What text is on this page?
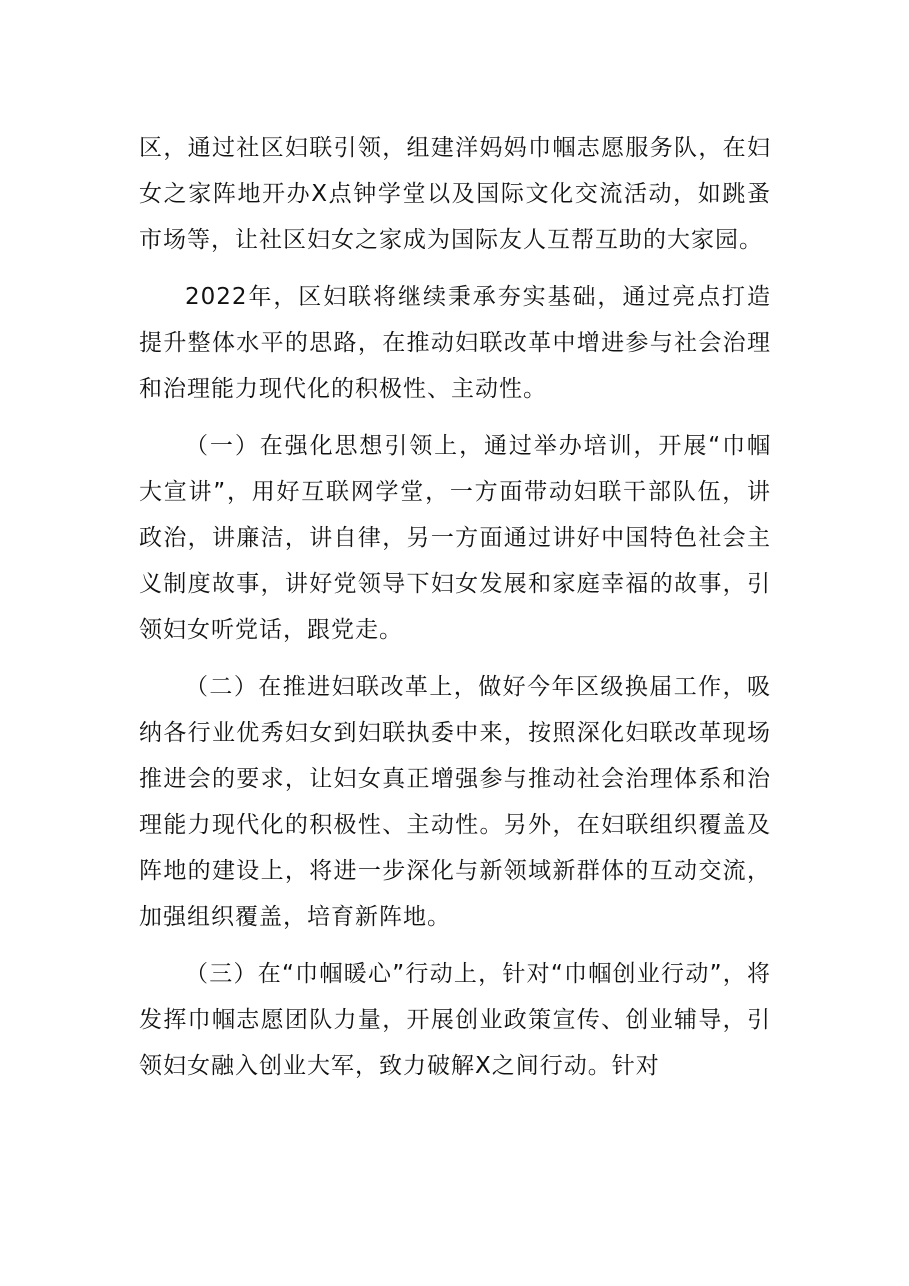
区，通过社区妇联引领，组建洋妈妈巾帼志愿服务队，在妇女之家阵地开办X点钟学堂以及国际文化交流活动，如跳蚤市场等，让社区妇女之家成为国际友人互帮互助的大家园。

2022年，区妇联将继续秉承夯实基础，通过亮点打造提升整体水平的思路，在推动妇联改革中增进参与社会治理和治理能力现代化的积极性、主动性。

（一）在强化思想引领上，通过举办培训，开展“巾帼大宣讲”，用好互联网学堂，一方面带动妇联干部队伍，讲政治，讲廉洁，讲自律，另一方面通过讲好中国特色社会主义制度故事，讲好党领导下妇女发展和家庭幸福的故事，引领妇女听党话，跟党走。

（二）在推进妇联改革上，做好今年区级换届工作，吸纳各行业优秀妇女到妇联执委中来，按照深化妇联改革现场推进会的要求，让妇女真正增强参与推动社会治理体系和治理能力现代化的积极性、主动性。另外，在妇联组织覆盖及阵地的建设上，将进一步深化与新领域新群体的互动交流，加强组织覆盖，培育新阵地。

（三）在“巾帼暖心”行动上，针对“巾帼创业行动”，将发挥巾帼志愿团队力量，开展创业政策宣传、创业辅导，引领妇女融入创业大军，致力破解X之间行动。针对
